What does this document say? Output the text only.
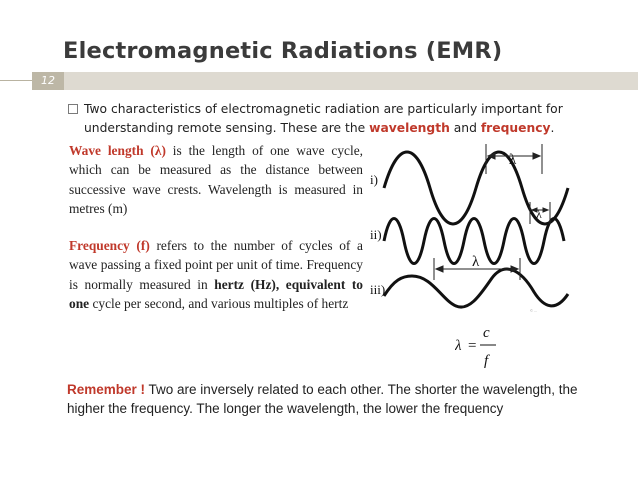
Electromagnetic Radiations (EMR)
12
Two characteristics of electromagnetic radiation are particularly important for understanding remote sensing. These are the wavelength and frequency.
Wave length (λ) is the length of one wave cycle, which can be measured as the distance between successive wave crests. Wavelength is measured in metres (m)
Frequency (f) refers to the number of cycles of a wave passing a fixed point per unit of time. Frequency is normally measured in hertz (Hz), equivalent to one cycle per second, and various multiples of hertz
i)
ii)
iii)
λ
λ
λ
© ...
λ =
c
f
Remember ! Two are inversely related to each other. The shorter the wavelength, the higher the frequency. The longer the wavelength, the lower the frequency
